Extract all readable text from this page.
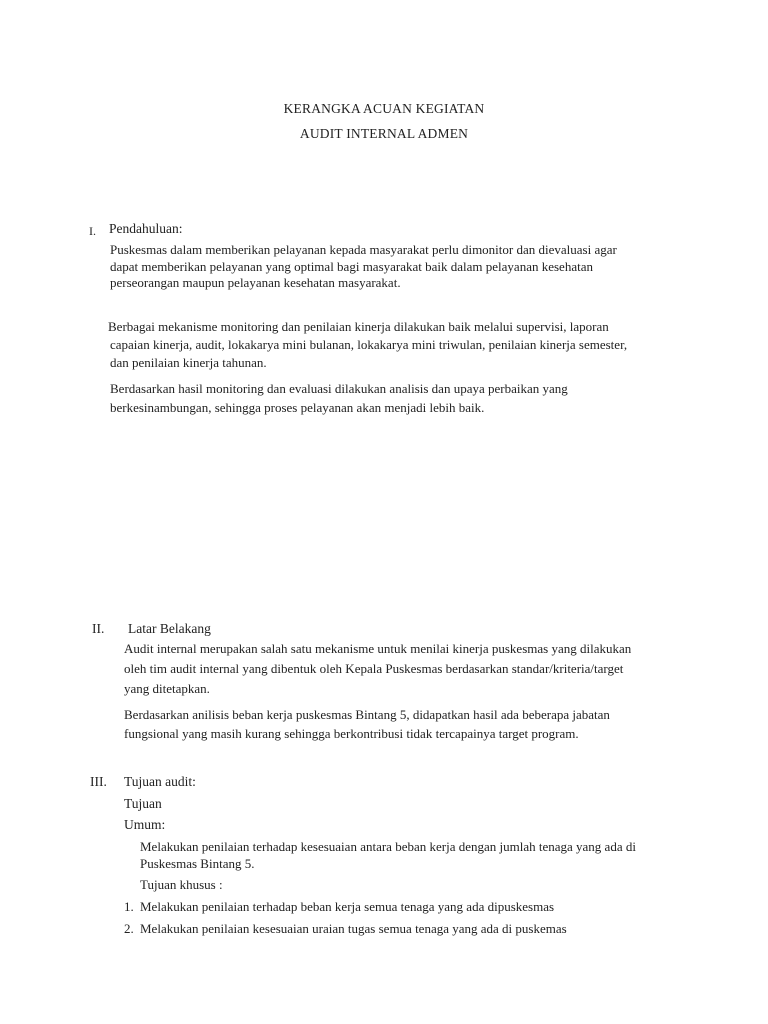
KERANGKA ACUAN KEGIATAN
AUDIT INTERNAL ADMEN
I. Pendahuluan:
Puskesmas dalam memberikan pelayanan kepada masyarakat perlu dimonitor dan dievaluasi agar
dapat memberikan pelayanan yang optimal bagi masyarakat baik dalam pelayanan kesehatan
perseorangan maupun pelayanan kesehatan masyarakat.
Berbagai mekanisme monitoring dan penilaian kinerja dilakukan baik melalui supervisi, laporan
capaian kinerja, audit, lokakarya mini bulanan, lokakarya mini triwulan, penilaian kinerja semester,
dan penilaian kinerja tahunan.
Berdasarkan hasil monitoring dan evaluasi dilakukan analisis dan upaya perbaikan yang
berkesinambungan, sehingga proses pelayanan akan menjadi lebih baik.
II. Latar Belakang
Audit internal merupakan salah satu mekanisme untuk menilai kinerja puskesmas yang dilakukan
oleh tim audit internal yang dibentuk oleh Kepala Puskesmas berdasarkan standar/kriteria/target
yang ditetapkan.
Berdasarkan anilisis beban kerja puskesmas Bintang 5, didapatkan hasil ada beberapa jabatan
fungsional yang masih kurang sehingga berkontribusi tidak tercapainya target program.
III. Tujuan audit:
Tujuan
Umum:
Melakukan penilaian terhadap kesesuaian antara beban kerja dengan jumlah tenaga yang ada di
Puskesmas Bintang 5.
Tujuan khusus :
1. Melakukan penilaian terhadap beban kerja semua tenaga yang ada dipuskesmas
2. Melakukan penilaian kesesuaian uraian tugas semua tenaga yang ada di puskemas
